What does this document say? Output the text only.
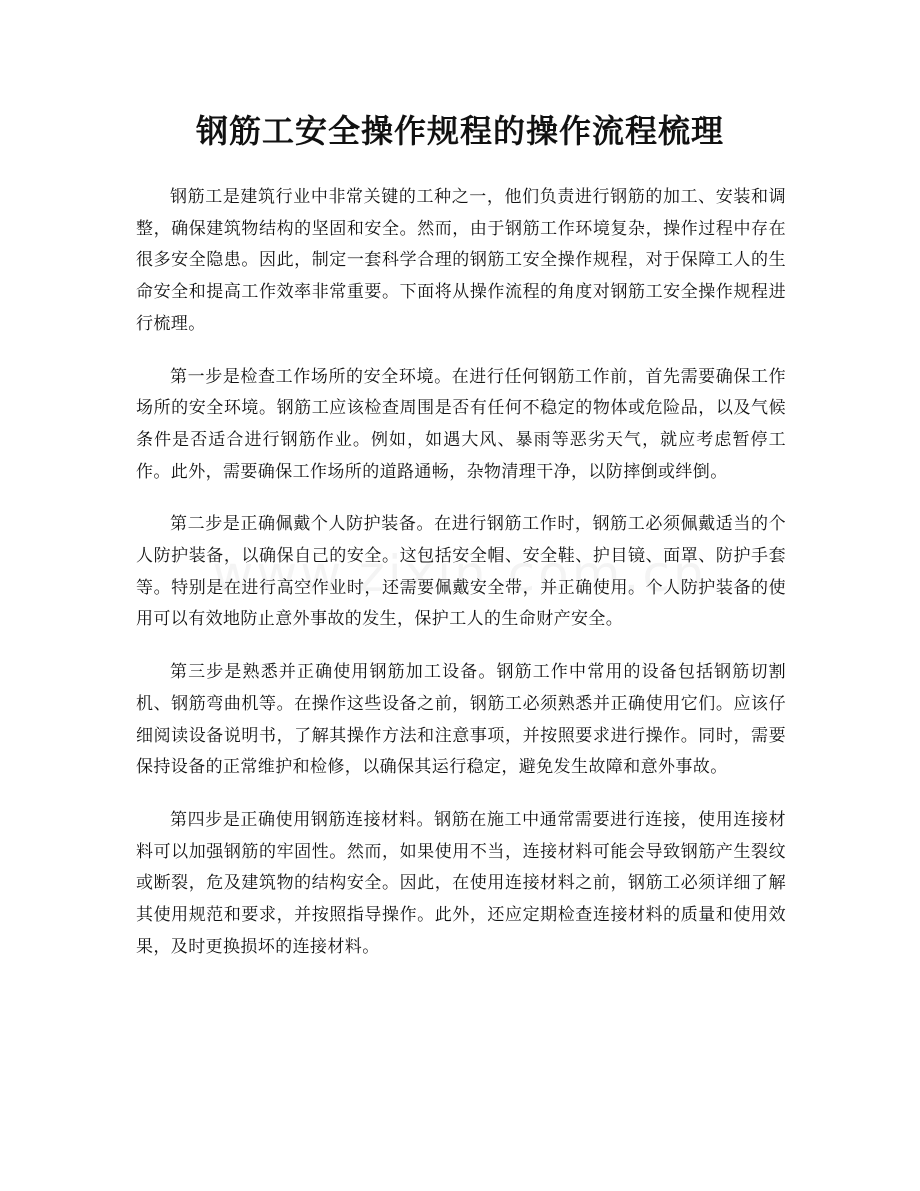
钢筋工安全操作规程的操作流程梳理

钢筋工是建筑行业中非常关键的工种之一，他们负责进行钢筋的加工、安装和调整，确保建筑物结构的坚固和安全。然而，由于钢筋工作环境复杂，操作过程中存在很多安全隐患。因此，制定一套科学合理的钢筋工安全操作规程，对于保障工人的生命安全和提高工作效率非常重要。下面将从操作流程的角度对钢筋工安全操作规程进行梳理。

第一步是检查工作场所的安全环境。在进行任何钢筋工作前，首先需要确保工作场所的安全环境。钢筋工应该检查周围是否有任何不稳定的物体或危险品，以及气候条件是否适合进行钢筋作业。例如，如遇大风、暴雨等恶劣天气，就应考虑暂停工作。此外，需要确保工作场所的道路通畅，杂物清理干净，以防摔倒或绊倒。

第二步是正确佩戴个人防护装备。在进行钢筋工作时，钢筋工必须佩戴适当的个人防护装备，以确保自己的安全。这包括安全帽、安全鞋、护目镜、面罩、防护手套等。特别是在进行高空作业时，还需要佩戴安全带，并正确使用。个人防护装备的使用可以有效地防止意外事故的发生，保护工人的生命财产安全。

第三步是熟悉并正确使用钢筋加工设备。钢筋工作中常用的设备包括钢筋切割机、钢筋弯曲机等。在操作这些设备之前，钢筋工必须熟悉并正确使用它们。应该仔细阅读设备说明书，了解其操作方法和注意事项，并按照要求进行操作。同时，需要保持设备的正常维护和检修，以确保其运行稳定，避免发生故障和意外事故。

第四步是正确使用钢筋连接材料。钢筋在施工中通常需要进行连接，使用连接材料可以加强钢筋的牢固性。然而，如果使用不当，连接材料可能会导致钢筋产生裂纹或断裂，危及建筑物的结构安全。因此，在使用连接材料之前，钢筋工必须详细了解其使用规范和要求，并按照指导操作。此外，还应定期检查连接材料的质量和使用效果，及时更换损坏的连接材料。
